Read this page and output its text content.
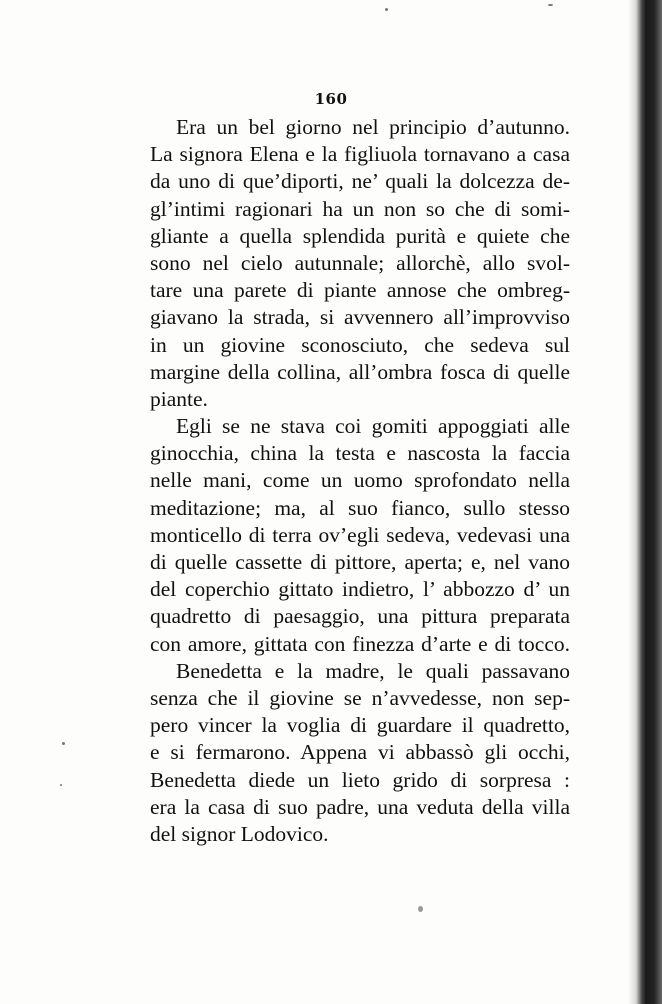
160
Era un bel giorno nel principio d’autunno.
La signora Elena e la figliuola tornavano a casa
da uno di que’diporti, ne’ quali la dolcezza de-
gl’intimi ragionari ha un non so che di somi-
gliante a quella splendida purità e quiete che
sono nel cielo autunnale; allorchè, allo svol-
tare una parete di piante annose che ombreg-
giavano la strada, si avvennero all’improvviso
in un giovine sconosciuto, che sedeva sul
margine della collina, all’ombra fosca di quelle
piante.
Egli se ne stava coi gomiti appoggiati alle
ginocchia, china la testa e nascosta la faccia
nelle mani, come un uomo sprofondato nella
meditazione; ma, al suo fianco, sullo stesso
monticello di terra ov’egli sedeva, vedevasi una
di quelle cassette di pittore, aperta; e, nel vano
del coperchio gittato indietro, l’ abbozzo d’ un
quadretto di paesaggio, una pittura preparata
con amore, gittata con finezza d’arte e di tocco.
Benedetta e la madre, le quali passavano
senza che il giovine se n’avvedesse, non sep-
pero vincer la voglia di guardare il quadretto,
e si fermarono. Appena vi abbassò gli occhi,
Benedetta diede un lieto grido di sorpresa :
era la casa di suo padre, una veduta della villa
del signor Lodovico.
